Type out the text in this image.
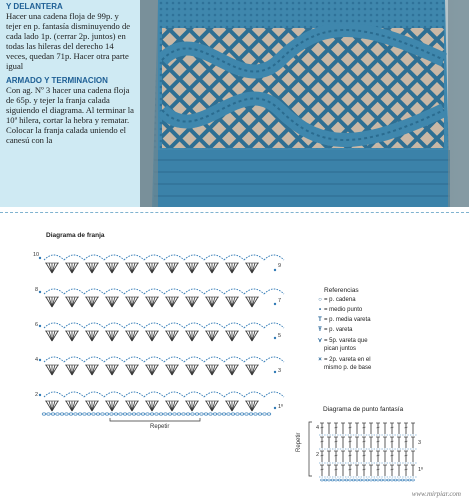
Y DELANTERA

Hacer una cadena floja de 99p. y tejer en p. fantasía disminuyendo de cada lado 1p. (cerrar 2p. juntos) en todas las hileras del derecho 14 veces, quedan 71p. Hacer otra parte igual

ARMADO Y TERMINACION

Con ag. Nº 3 hacer una cadena floja de 65p. y tejer la franja calada siguiendo el diagrama. Al terminar la 10ª hilera, cortar la hebra y rematar.

Colocar la franja calada uniendo el canesú con la

Diagrama de franja
Repetir
10
8
6
4
2
9
7
5
3
1º
Referencias
○ = p. cadena
• = medio punto
T = p. media vareta
Ŧ = p. vareta
⋎ = 5p. vareta que
pican juntos
× = 2p. vareta en el
mismo p. de base
Diagrama de punto fantasía
Repetir
4
2
3
1º
www.mirpiar.com
